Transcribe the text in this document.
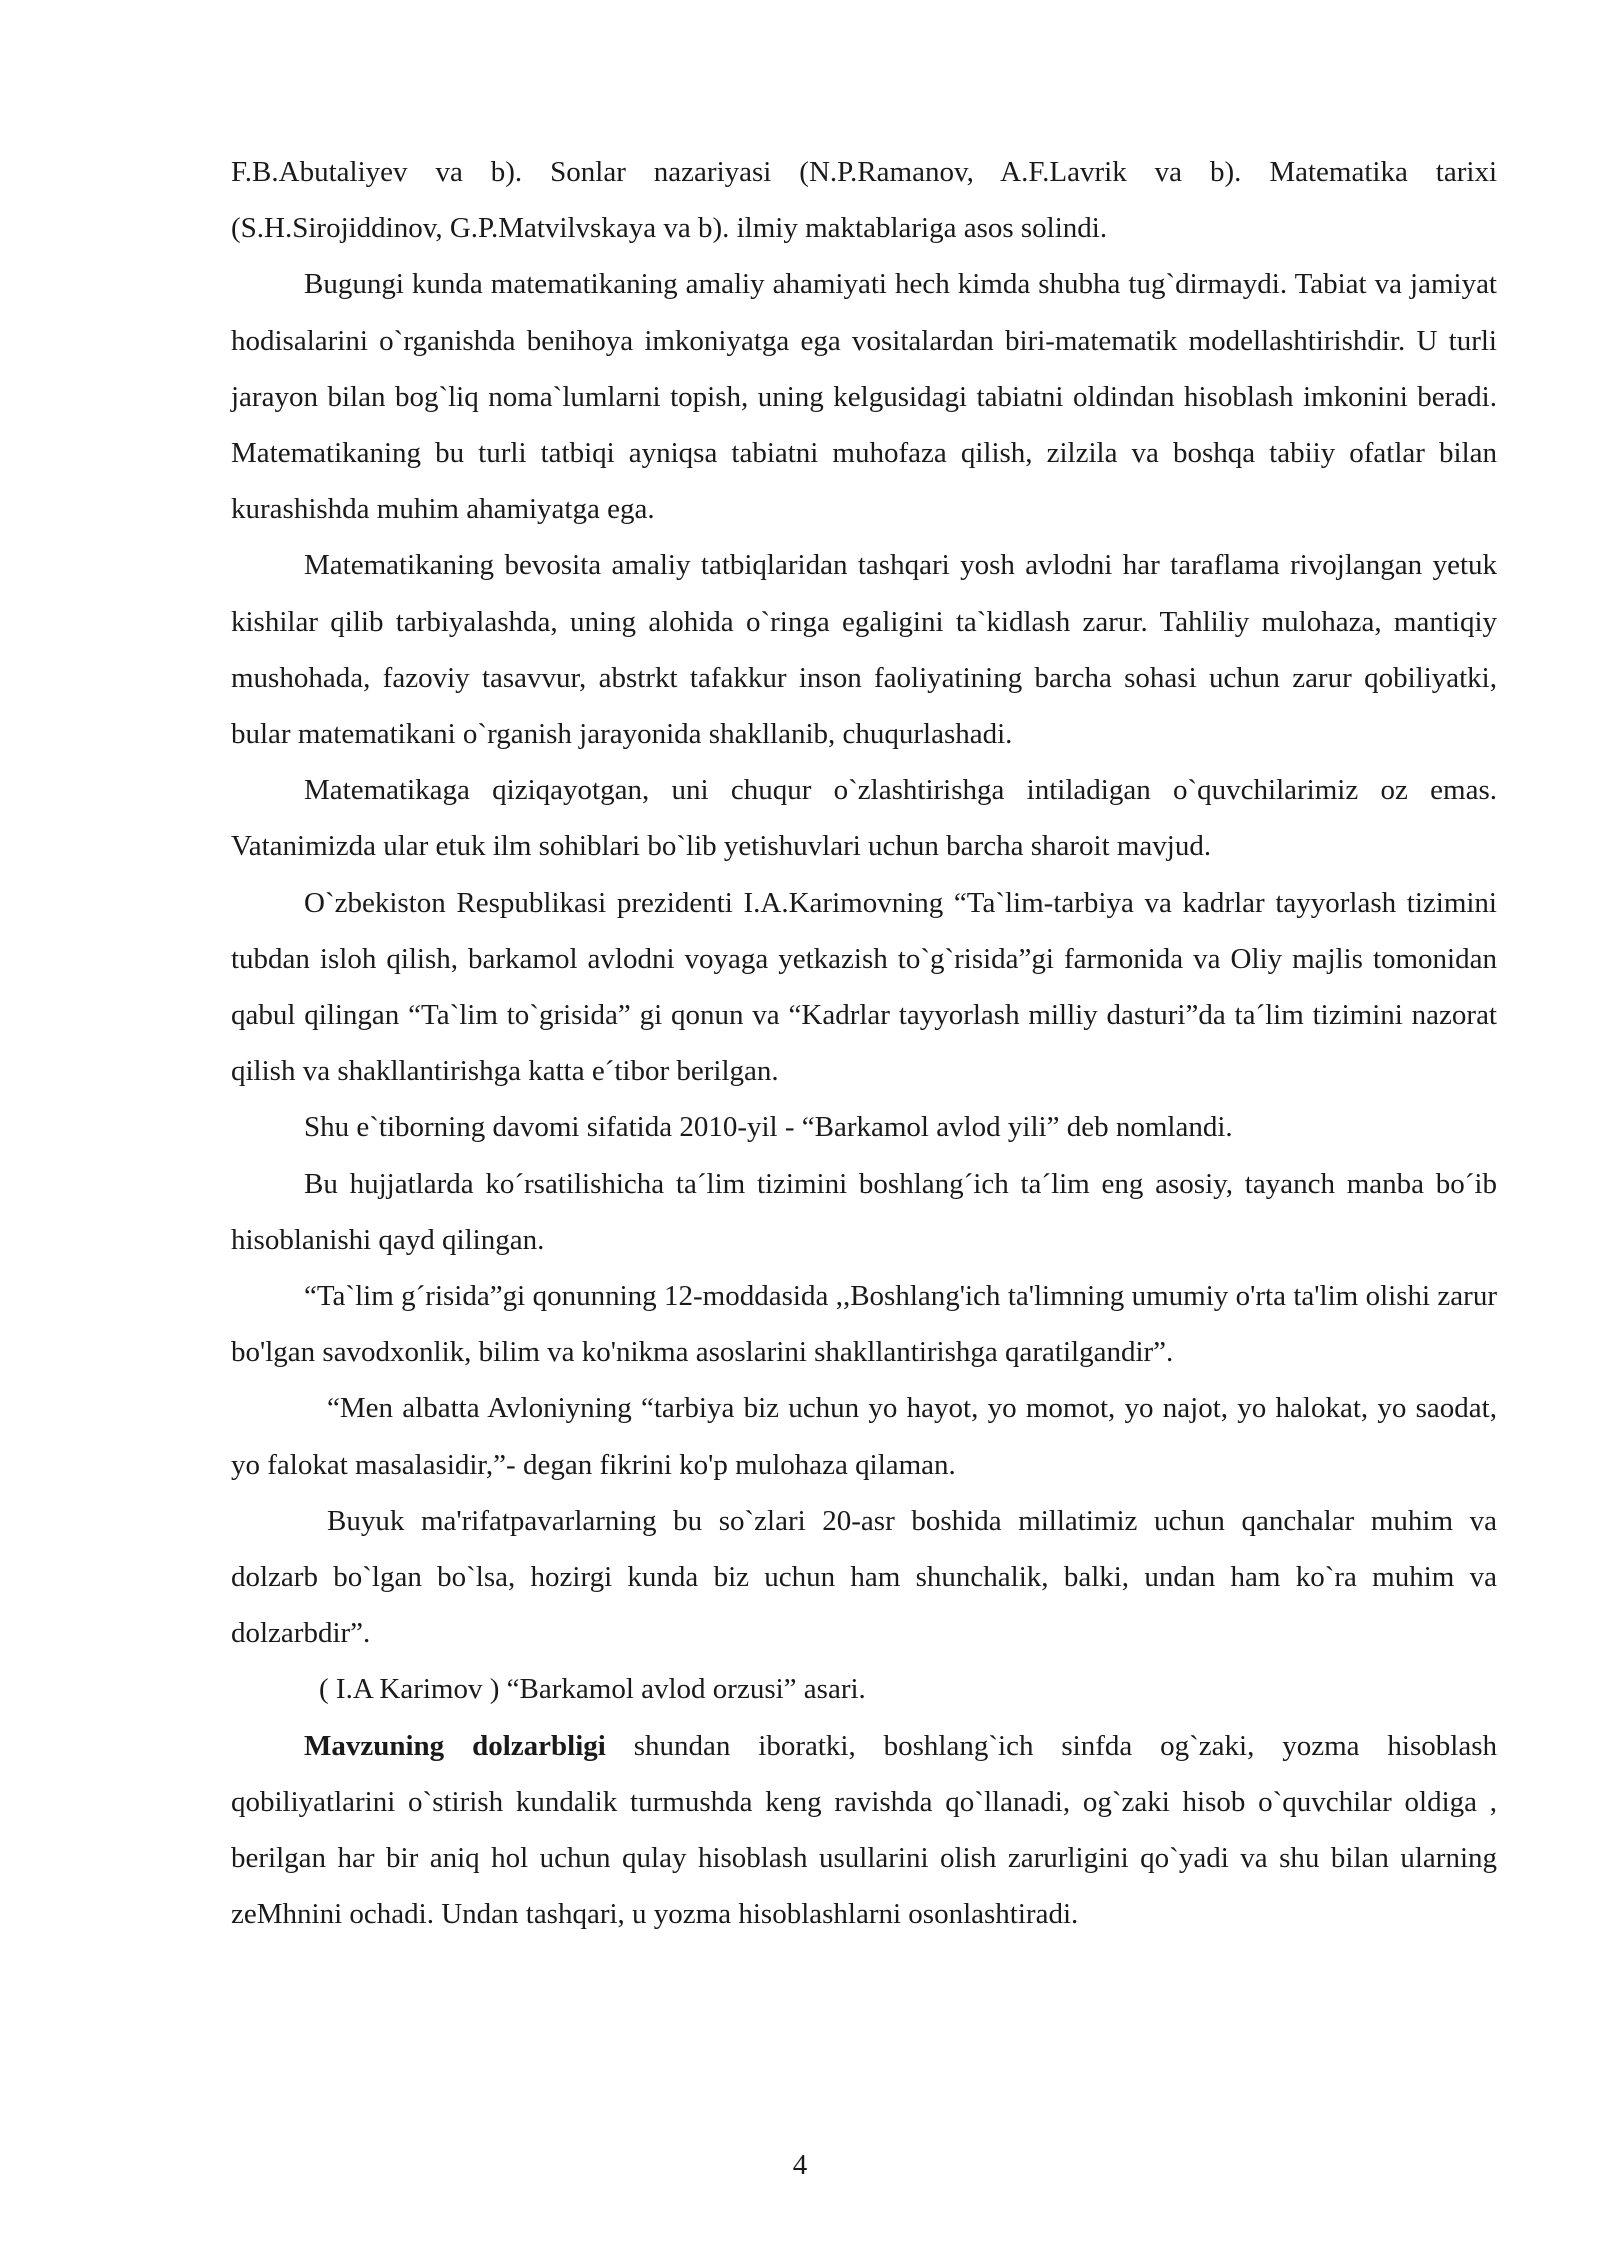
F.B.Abutaliyev va b). Sonlar nazariyasi (N.P.Ramanov, A.F.Lavrik va b). Matematika tarixi (S.H.Sirojiddinov, G.P.Matvilvskaya va b). ilmiy maktablariga asos solindi.

Bugungi kunda matematikaning amaliy ahamiyati hech kimda shubha tug`dirmaydi. Tabiat va jamiyat hodisalarini o`rganishda benihoya imkoniyatga ega vositalardan biri-matematik modellashtirishdir. U turli jarayon bilan bog`liq noma`lumlarni topish, uning kelgusidagi tabiatni oldindan hisoblash imkonini beradi. Matematikaning bu turli tatbiqi ayniqsa tabiatni muhofaza qilish, zilzila va boshqa tabiiy ofatlar bilan kurashishda muhim ahamiyatga ega.

Matematikaning bevosita amaliy tatbiqlaridan tashqari yosh avlodni har taraflama rivojlangan yetuk kishilar qilib tarbiyalashda, uning alohida o`ringa egaligini ta`kidlash zarur. Tahliliy mulohaza, mantiqiy mushohada, fazoviy tasavvur, abstrkt tafakkur inson faoliyatining barcha sohasi uchun zarur qobiliyatki, bular matematikani o`rganish jarayonida shakllanib, chuqurlashadi.

Matematikaga qiziqayotgan, uni chuqur o`zlashtirishga intiladigan o`quvchilarimiz oz emas. Vatanimizda ular etuk ilm sohiblari bo`lib yetishuvlari uchun barcha sharoit mavjud.

O`zbekiston Respublikasi prezidenti I.A.Karimovning “Ta`lim-tarbiya va kadrlar tayyorlash tizimini tubdan isloh qilish, barkamol avlodni voyaga yetkazish to`g`risida”gi farmonida va Oliy majlis tomonidan qabul qilingan “Ta`lim to`grisida” gi qonun va “Kadrlar tayyorlash milliy dasturi”da ta´lim tizimini nazorat qilish va shakllantirishga katta e´tibor berilgan.

Shu e`tiborning davomi sifatida 2010-yil - “Barkamol avlod yili” deb nomlandi.

Bu hujjatlarda ko´rsatilishicha ta´lim tizimini boshlang´ich ta´lim eng asosiy, tayanch manba bo´ib hisoblanishi qayd qilingan.

“Ta`lim g´risida”gi qonunning 12-moddasida ,,Boshlang'ich ta'limning umumiy o'rta ta'lim olishi zarur bo'lgan savodxonlik, bilim va ko'nikma asoslarini shakllantirishga qaratilgandir”.

“Men albatta Avloniyning “tarbiya biz uchun yo hayot, yo momot, yo najot, yo halokat, yo saodat, yo falokat masalasidir,”- degan fikrini ko'p mulohaza qilaman.

Buyuk ma'rifatpavarlarning bu so`zlari 20-asr boshida millatimiz uchun qanchalar muhim va dolzarb bo`lgan bo`lsa, hozirgi kunda biz uchun ham shunchalik, balki, undan ham ko`ra muhim va dolzarbdir”.

( I.A Karimov ) “Barkamol avlod orzusi” asari.

Mavzuning dolzarbligi shundan iboratki, boshlang`ich sinfda og`zaki, yozma hisoblash qobiliyatlarini o`stirish kundalik turmushda keng ravishda qo`llanadi, og`zaki hisob o`quvchilar oldiga , berilgan har bir aniq hol uchun qulay hisoblash usullarini olish zarurligini qo`yadi va shu bilan ularning zeMhnini ochadi. Undan tashqari, u yozma hisoblashlarni osonlashtiradi.

4
